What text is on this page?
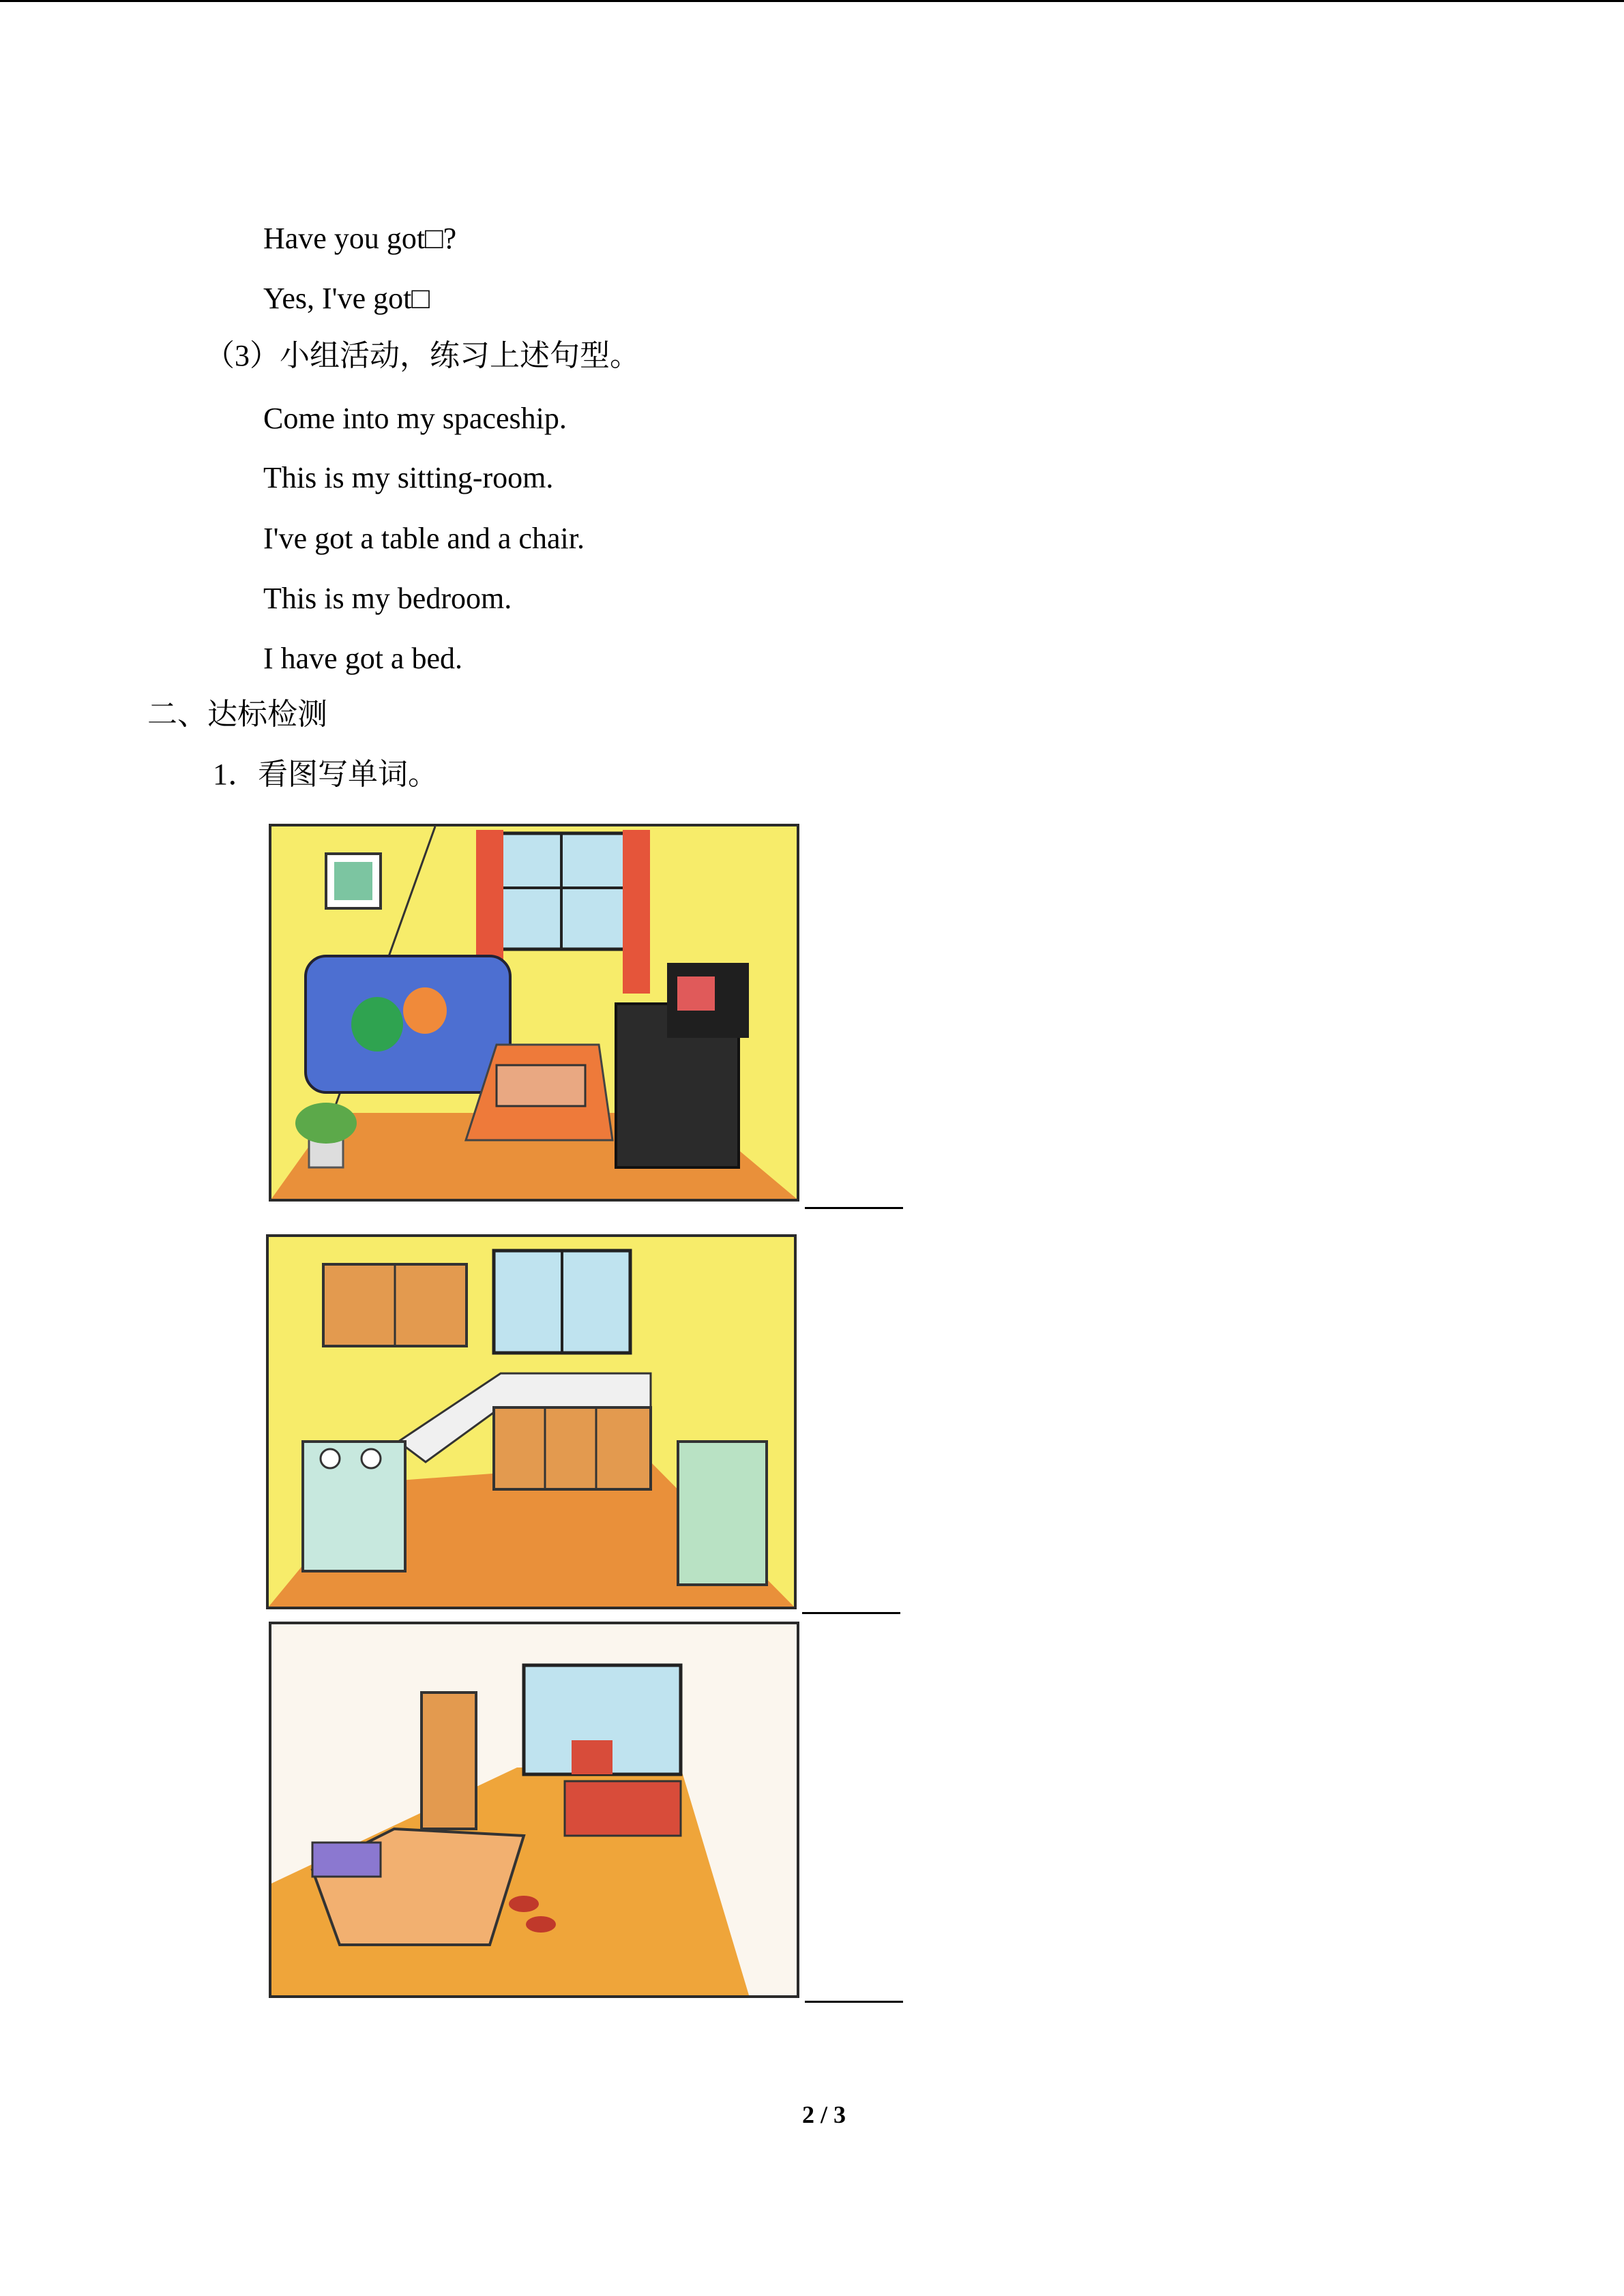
Have you got□?
Yes, I've got□
（3）小组活动，练习上述句型。
Come into my spaceship.
This is my sitting-room.
I've got a table and a chair.
This is my bedroom.
I have got a bed.
二、达标检测
1．看图写单词。
2 / 3
